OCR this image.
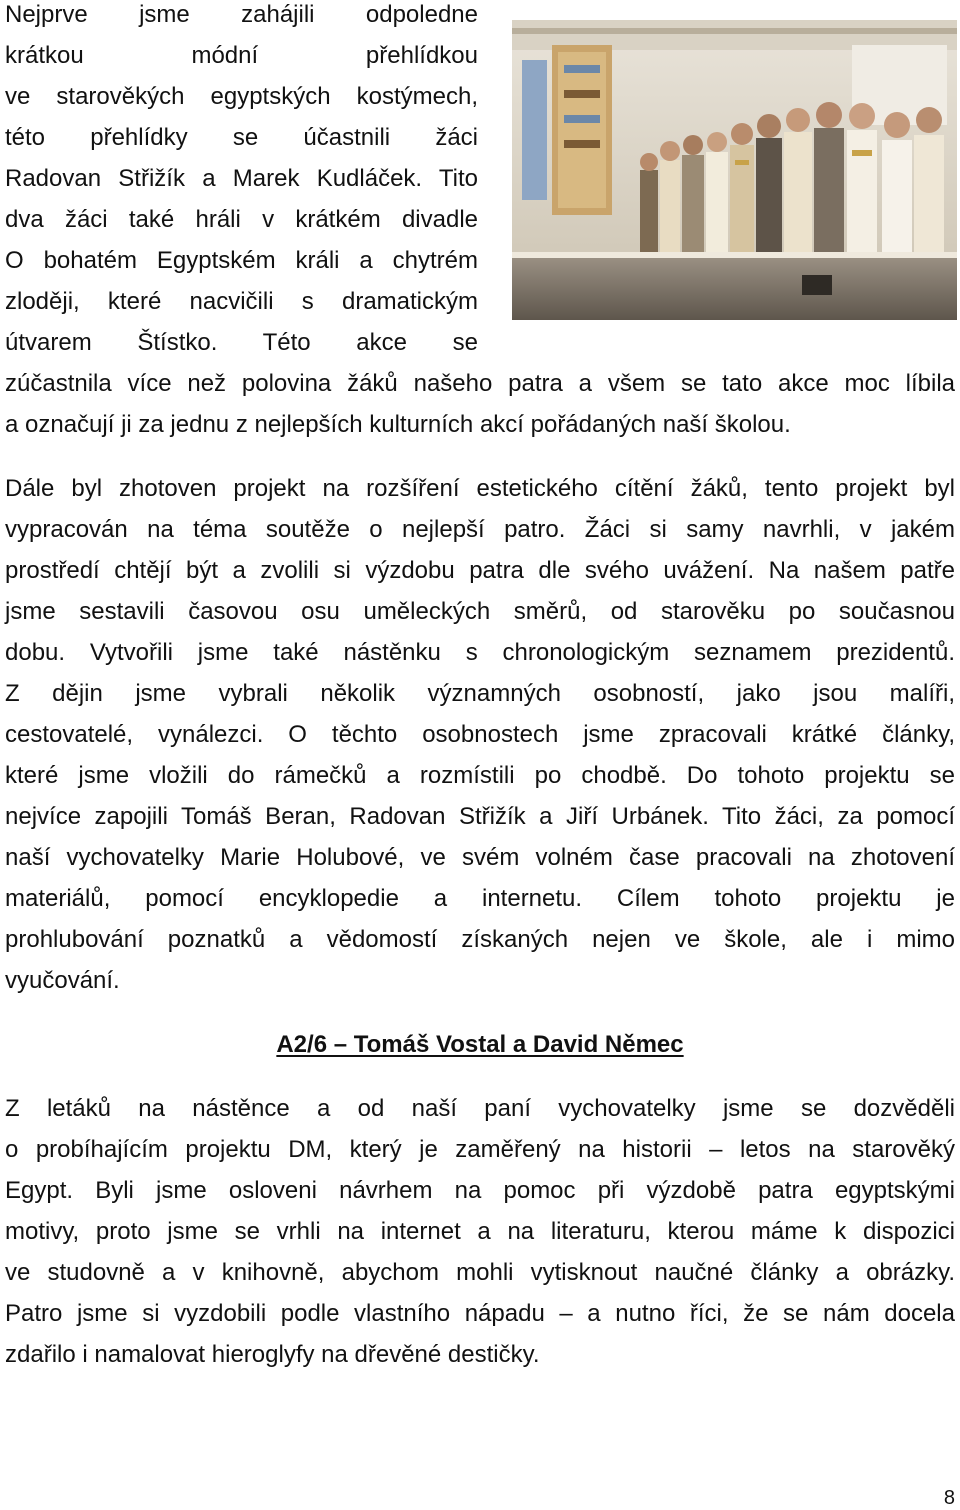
Nejprve jsme zahájili odpoledne
krátkou módní přehlídkou
ve starověkých egyptských kostýmech,
této přehlídky se účastnili žáci
Radovan Střižík a Marek Kudláček. Tito
dva žáci také hráli v krátkém divadle
O bohatém Egyptském králi a chytrém
zloději, které nacvičili s dramatickým
útvarem Štístko. Této akce se
zúčastnila více než polovina žáků našeho patra a všem se tato akce moc líbila
a označují ji za jednu z nejlepších kulturních akcí pořádaných naší školou.
Dále byl zhotoven projekt na rozšíření estetického cítění žáků, tento projekt byl
vypracován na téma soutěže o nejlepší patro. Žáci si samy navrhli, v jakém
prostředí chtějí být a zvolili si výzdobu patra dle svého uvážení. Na našem patře
jsme sestavili časovou osu uměleckých směrů, od starověku po současnou
dobu. Vytvořili jsme také nástěnku s chronologickým seznamem prezidentů.
Z dějin jsme vybrali několik významných osobností, jako jsou malíři,
cestovatelé, vynálezci. O těchto osobnostech jsme zpracovali krátké články,
které jsme vložili do rámečků a rozmístili po chodbě. Do tohoto projektu se
nejvíce zapojili Tomáš Beran, Radovan Střižík a Jiří Urbánek. Tito žáci, za pomocí
naší vychovatelky Marie Holubové, ve svém volném čase pracovali na zhotovení
materiálů, pomocí encyklopedie a internetu. Cílem tohoto projektu je
prohlubování poznatků a vědomostí získaných nejen ve škole, ale i mimo
vyučování.
A2/6 – Tomáš Vostal a David Němec
Z letáků na nástěnce a od naší paní vychovatelky jsme se dozvěděli
o probíhajícím projektu DM, který je zaměřený na historii – letos na starověký
Egypt. Byli jsme osloveni návrhem na pomoc při výzdobě patra egyptskými
motivy, proto jsme se vrhli na internet a na literaturu, kterou máme k dispozici
ve studovně a v knihovně, abychom mohli vytisknout naučné články a obrázky.
Patro jsme si vyzdobili podle vlastního nápadu – a nutno říci, že se nám docela
zdařilo i namalovat hieroglyfy na dřevěné destičky.
8
